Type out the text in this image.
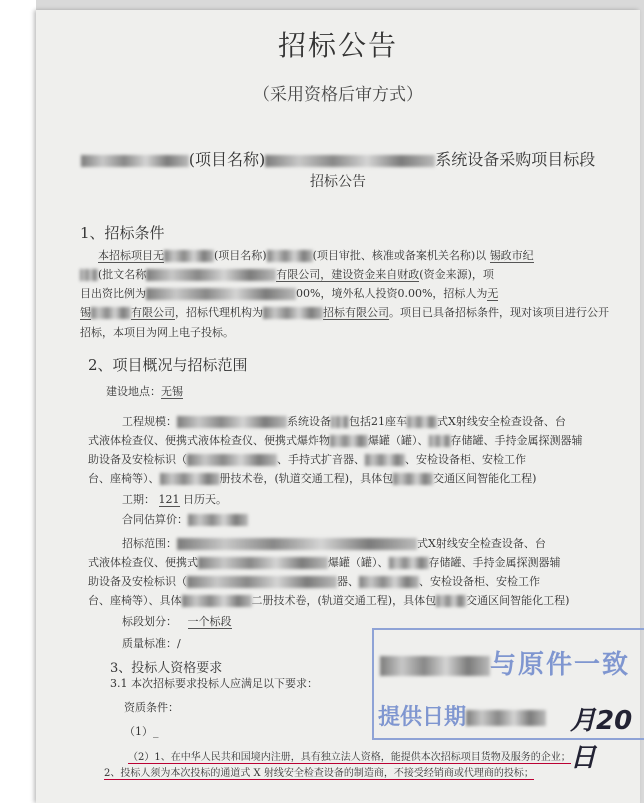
招标公告
（采用资格后审方式）
(项目名称)	系统设备采购项目标段
招标公告
1、招标条件
本招标项目无	(项目名称)	(项目审批、核准或备案机关名称)以 锡政市纪
(批文名称	有限公司，建设资金来自财政(资金来源)，项
目出资比例为	00%，境外私人投资0.00%，招标人为无
锡	有限公司，招标代理机构为	招标有限公司。项目已具备招标条件，现对该项目进行公开
招标，本项目为网上电子投标。
2、项目概况与招标范围
建设地点：无锡
工程规模：	系统设备 包括21座车	式X射线安全检查设备、台
式液体检查仪、便携式液体检查仪、便携式爆炸物	爆罐（罐）、 存储罐、手持金属探测器辅
助设备及安检标识（	、手持式扩音器、	、安检设备柜、安检工作
台、座椅等）、	册技术卷，(轨道交通工程)，具体包	交通区间智能化工程)
工期： 121 日历天。
合同估算价：
招标范围：	式X射线安全检查设备、台
式液体检查仪、便携式	爆罐（罐）、	存储罐、手持金属探测器辅
助设备及安检标识（	器、	、安检设备柜、安检工作
台、座椅等）、具体	二册技术卷，(轨道交通工程)，具体包	交通区间智能化工程)
标段划分： 一个标段
质量标准：/
3、投标人资格要求
3.1 本次招标要求投标人应满足以下要求：
资质条件：
（1）_
（2）1、在中华人民共和国境内注册，具有独立法人资格，能提供本次招标项目货物及服务的企业；
2、投标人须为本次投标的通道式 X 射线安全检查设备的制造商，不接受经销商或代理商的投标；
与原件一致
提供日期	月20日
